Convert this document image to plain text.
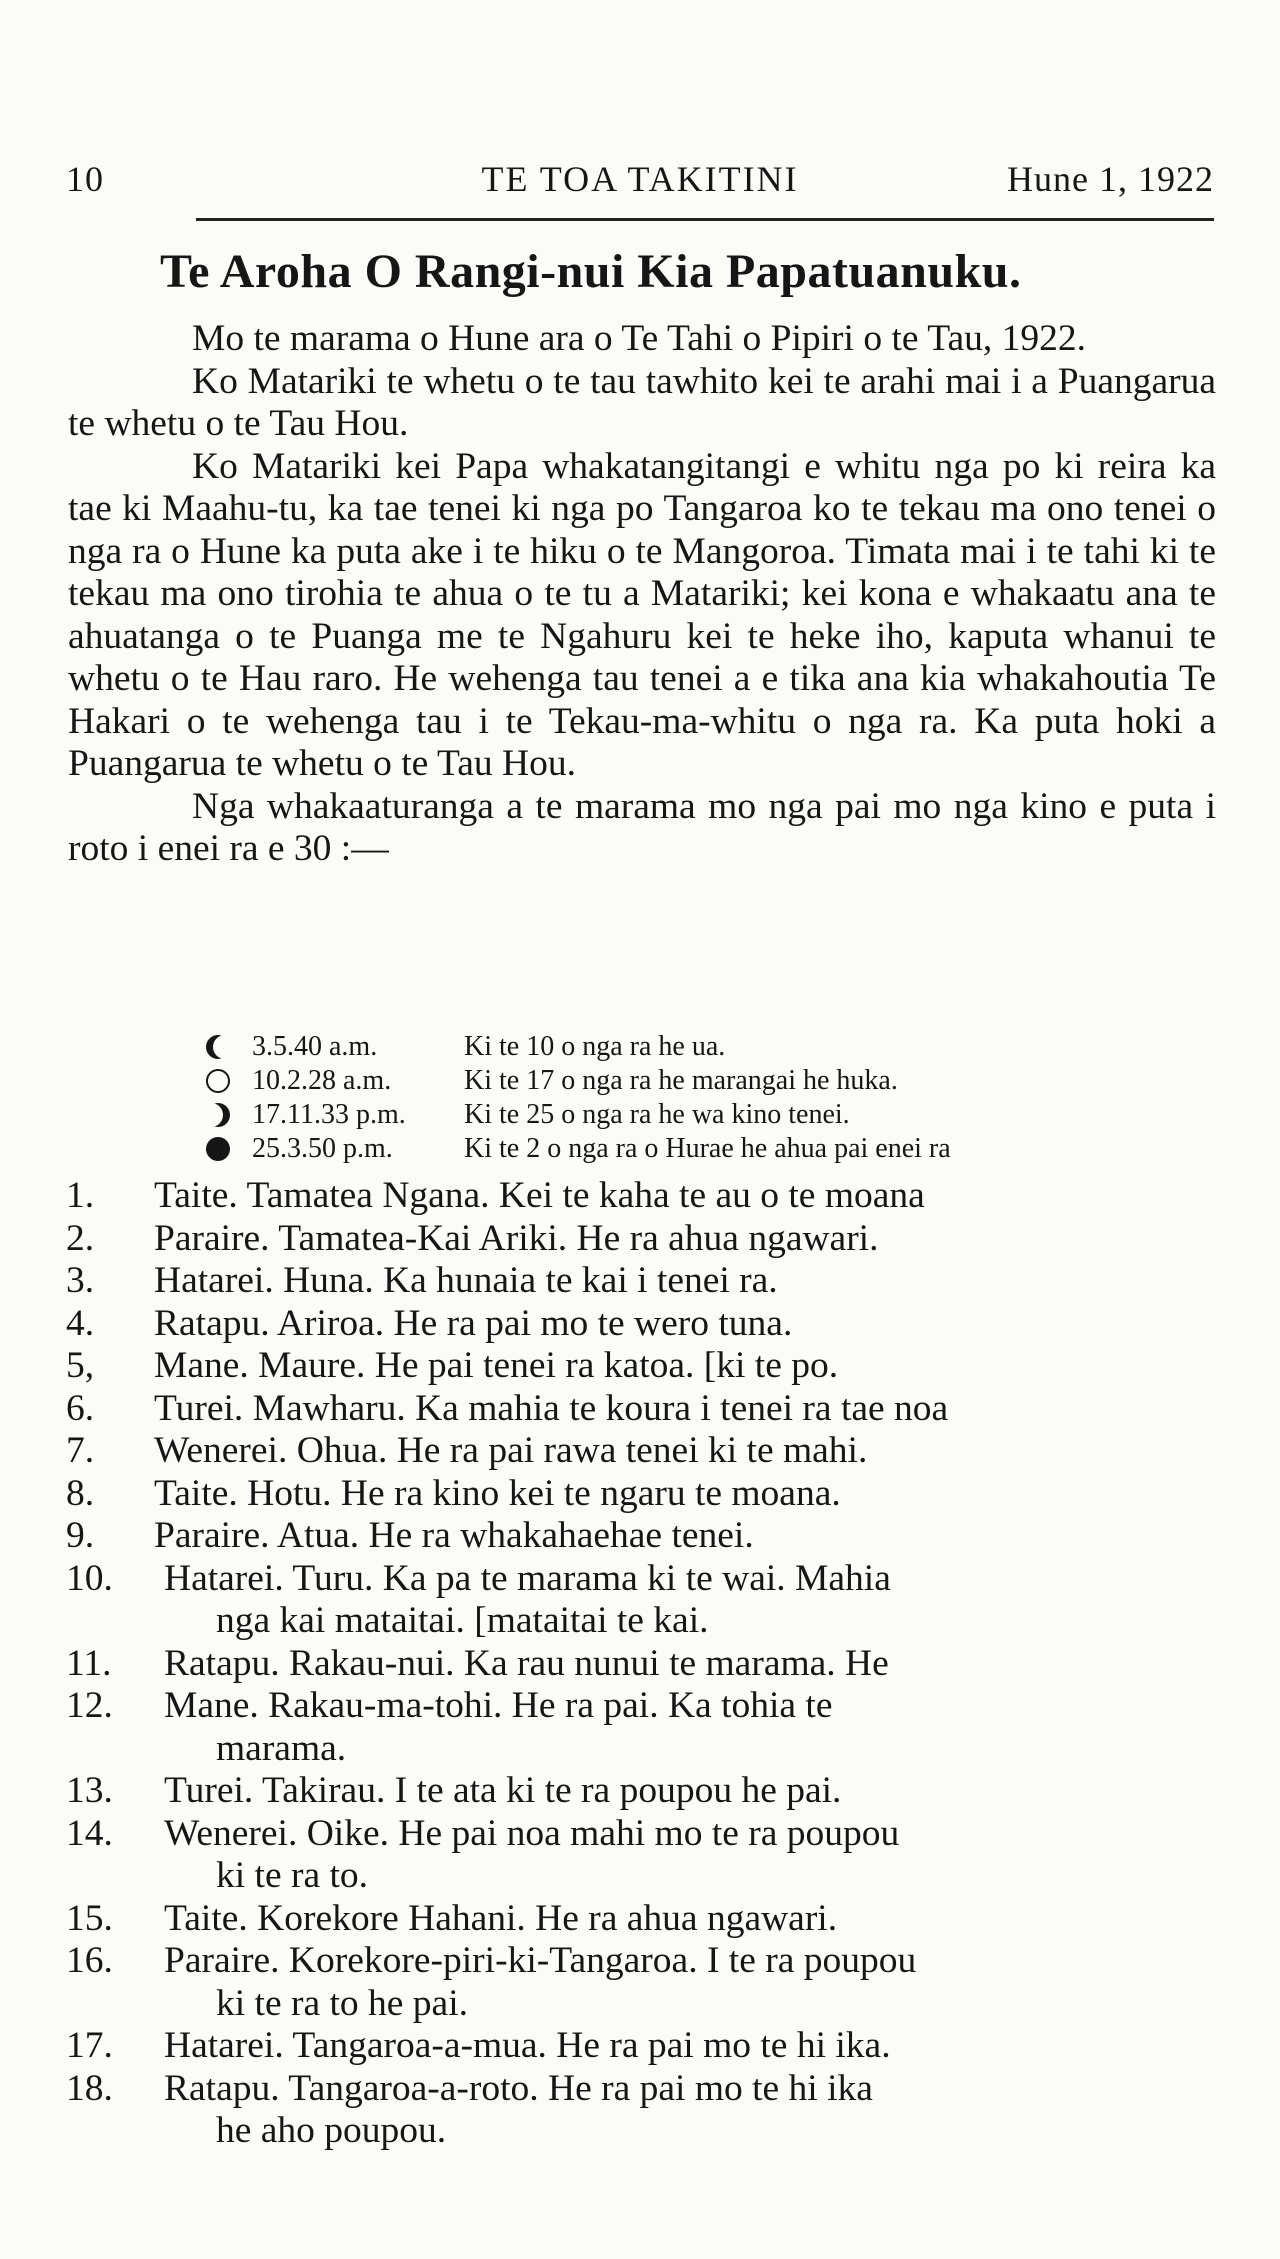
10	TE TOA TAKITINI	Hune 1, 1922
Te Aroha O Rangi-nui Kia Papatuanuku.

Mo te marama o Hune ara o Te Tahi o Pipiri o te Tau, 1922.

Ko Matariki te whetu o te tau tawhito kei te arahi mai i a Puangarua te whetu o te Tau Hou.

Ko Matariki kei Papa whakatangitangi e whitu nga po ki reira ka tae ki Maahu-tu, ka tae tenei ki nga po Tangaroa ko te tekau ma ono tenei o nga ra o Hune ka puta ake i te hiku o te Mangoroa. Timata mai i te tahi ki te tekau ma ono tirohia te ahua o te tu a Matariki; kei kona e whakaatu ana te ahuatanga o te Puanga me te Ngahuru kei te heke iho, kaputa whanui te whetu o te Hau raro. He wehenga tau tenei a e tika ana kia whakahoutia Te Hakari o te wehenga tau i te Tekau-ma-whitu o nga ra. Ka puta hoki a Puangarua te whetu o te Tau Hou.

Nga whakaaturanga a te marama mo nga pai mo nga kino e puta i roto i enei ra e 30 :—

3.5.40 a.m.	Ki te 10 o nga ra he ua.
10.2.28 a.m.	Ki te 17 o nga ra he marangai he huka.
17.11.33 p.m.	Ki te 25 o nga ra he wa kino tenei.
25.3.50 p.m.	Ki te 2 o nga ra o Hurae he ahua pai enei ra
1.	Taite. Tamatea Ngana. Kei te kaha te au o te moana
2.	Paraire. Tamatea-Kai Ariki. He ra ahua ngawari.
3.	Hatarei. Huna. Ka hunaia te kai i tenei ra.
4.	Ratapu. Ariroa. He ra pai mo te wero tuna.
5,	Mane. Maure. He pai tenei ra katoa. [ki te po.
6.	Turei. Mawharu. Ka mahia te koura i tenei ra tae noa
7.	Wenerei. Ohua. He ra pai rawa tenei ki te mahi.
8.	Taite. Hotu. He ra kino kei te ngaru te moana.
9.	Paraire. Atua. He ra whakahaehae tenei.
10.	Hatarei. Turu. Ka pa te marama ki te wai. Mahia
nga kai mataitai. [mataitai te kai.
11.	Ratapu. Rakau-nui. Ka rau nunui te marama. He
12.	Mane. Rakau-ma-tohi. He ra pai. Ka tohia te
marama.
13.	Turei. Takirau. I te ata ki te ra poupou he pai.
14.	Wenerei. Oike. He pai noa mahi mo te ra poupou
ki te ra to.
15.	Taite. Korekore Hahani. He ra ahua ngawari.
16.	Paraire. Korekore-piri-ki-Tangaroa. I te ra poupou
ki te ra to he pai.
17.	Hatarei. Tangaroa-a-mua. He ra pai mo te hi ika.
18.	Ratapu. Tangaroa-a-roto. He ra pai mo te hi ika
he aho poupou.
